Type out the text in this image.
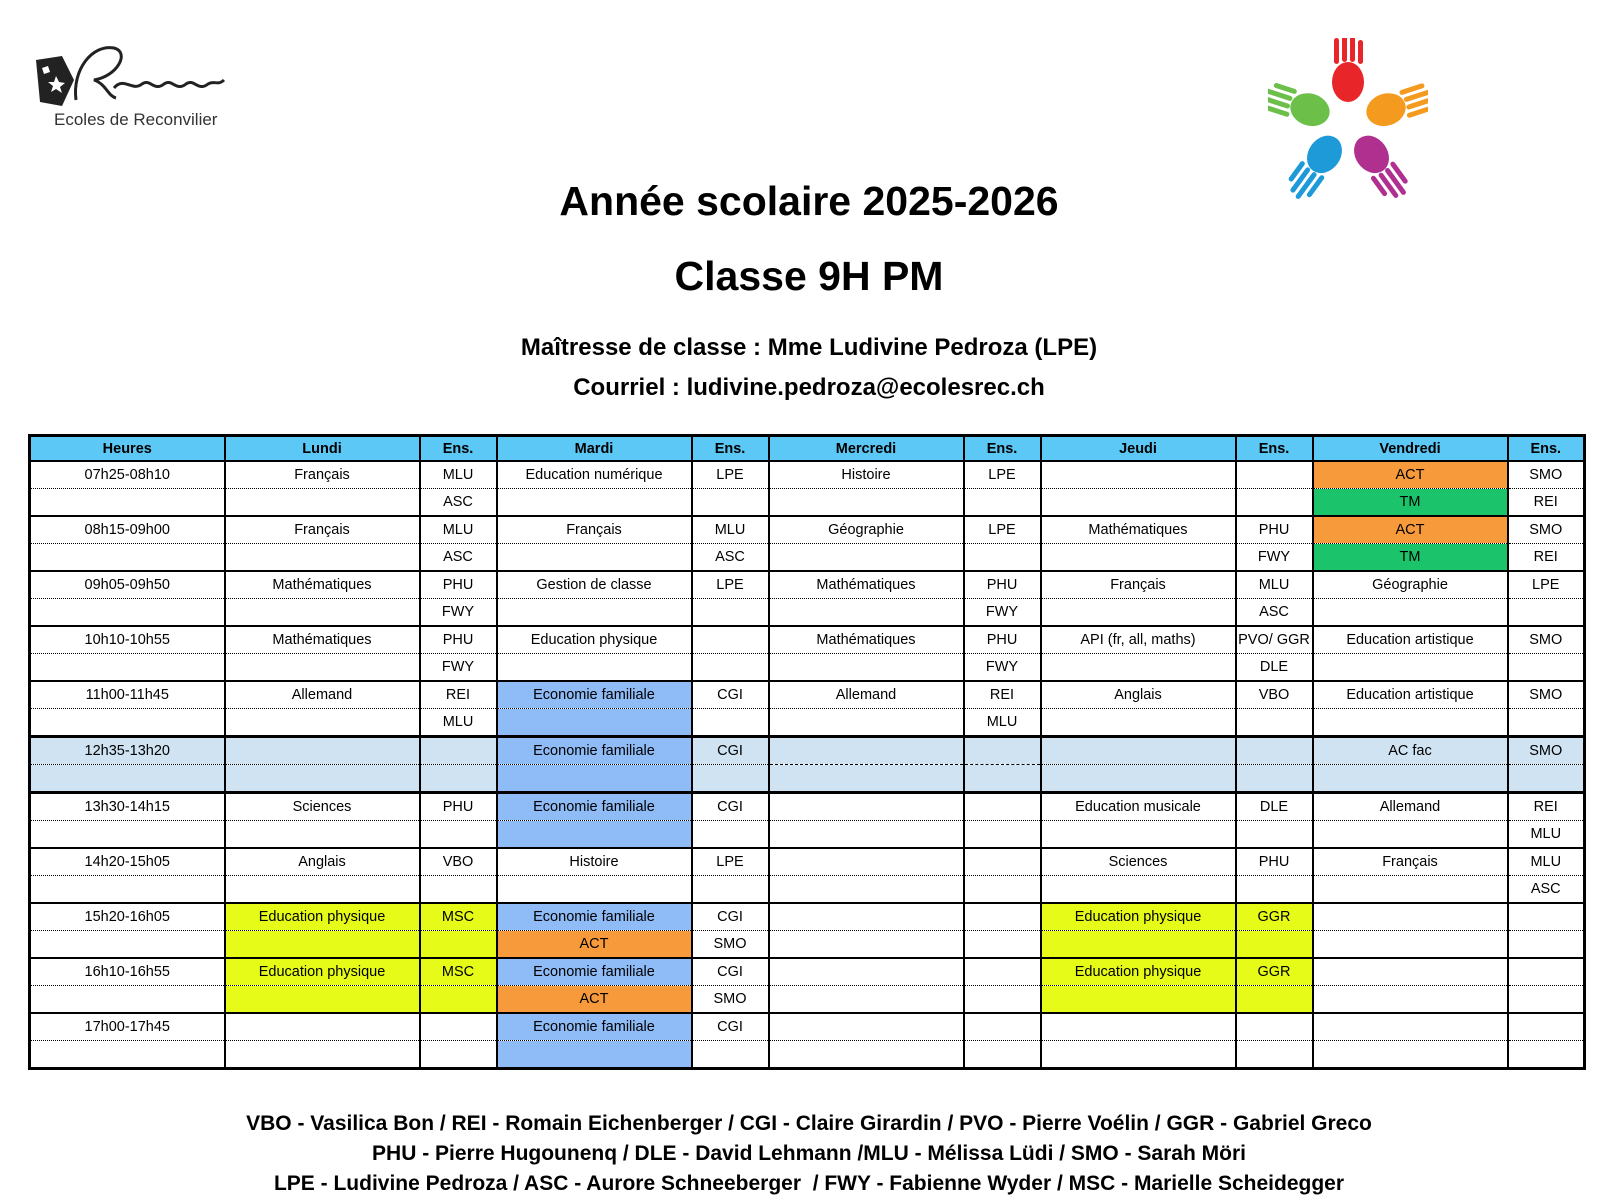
Ecoles de Reconvilier
Année scolaire 2025-2026
Classe 9H PM
Maîtresse de classe : Mme Ludivine Pedroza (LPE)
Courriel : ludivine.pedroza@ecolesrec.ch
Heures	Lundi	Ens.	Mardi	Ens.	Mercredi	Ens.	Jeudi	Ens.	Vendredi	Ens.
07h25-08h10	Français	MLU	Education numérique	LPE	Histoire	LPE			ACT	SMO
		ASC							TM	REI
08h15-09h00	Français	MLU	Français	MLU	Géographie	LPE	Mathématiques	PHU	ACT	SMO
		ASC		ASC				FWY	TM	REI
09h05-09h50	Mathématiques	PHU	Gestion de classe	LPE	Mathématiques	PHU	Français	MLU	Géographie	LPE
		FWY				FWY		ASC		
10h10-10h55	Mathématiques	PHU	Education physique		Mathématiques	PHU	API (fr, all, maths)	PVO/ GGR	Education artistique	SMO
		FWY				FWY		DLE		
11h00-11h45	Allemand	REI	Economie familiale	CGI	Allemand	REI	Anglais	VBO	Education artistique	SMO
		MLU				MLU				
12h35-13h20			Economie familiale	CGI					AC fac	SMO

13h30-14h15	Sciences	PHU	Economie familiale	CGI			Education musicale	DLE	Allemand	REI
										MLU
14h20-15h05	Anglais	VBO	Histoire	LPE			Sciences	PHU	Français	MLU
										ASC
15h20-16h05	Education physique	MSC	Economie familiale	CGI			Education physique	GGR		
			ACT	SMO						
16h10-16h55	Education physique	MSC	Economie familiale	CGI			Education physique	GGR		
			ACT	SMO						
17h00-17h45			Economie familiale	CGI						

VBO - Vasilica Bon / REI - Romain Eichenberger / CGI - Claire Girardin / PVO - Pierre Voélin / GGR - Gabriel Greco
PHU - Pierre Hugounenq / DLE - David Lehmann /MLU - Mélissa Lüdi / SMO - Sarah Möri
LPE - Ludivine Pedroza / ASC - Aurore Schneeberger  / FWY - Fabienne Wyder / MSC - Marielle Scheidegger
